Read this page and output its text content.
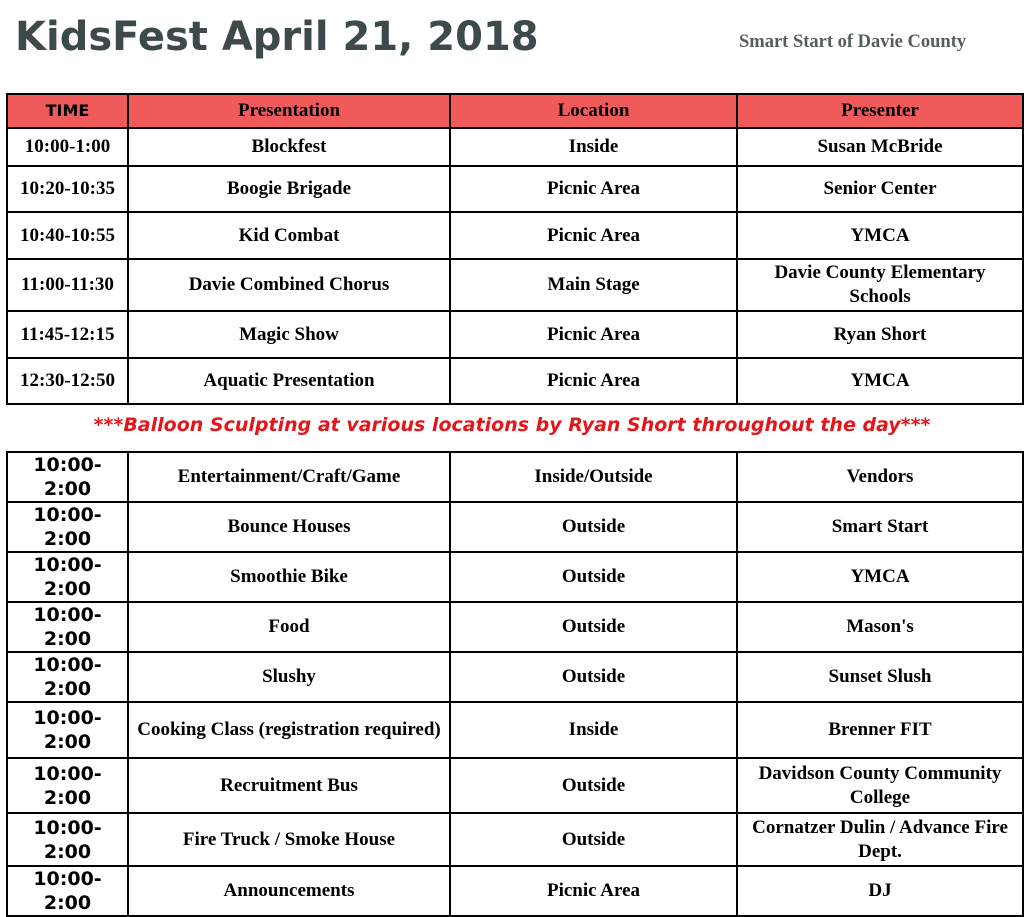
KidsFest April 21, 2018	Smart Start of Davie County
TIME	Presentation	Location	Presenter
10:00-1:00	Blockfest	Inside	Susan McBride
10:20-10:35	Boogie Brigade	Picnic Area	Senior Center
10:40-10:55	Kid Combat	Picnic Area	YMCA
11:00-11:30	Davie Combined Chorus	Main Stage	Davie County Elementary Schools
11:45-12:15	Magic Show	Picnic Area	Ryan Short
12:30-12:50	Aquatic Presentation	Picnic Area	YMCA
***Balloon Sculpting at various locations by Ryan Short throughout the day***
10:00-2:00	Entertainment/Craft/Game	Inside/Outside	Vendors
10:00-2:00	Bounce Houses	Outside	Smart Start
10:00-2:00	Smoothie Bike	Outside	YMCA
10:00-2:00	Food	Outside	Mason's
10:00-2:00	Slushy	Outside	Sunset Slush
10:00-2:00	Cooking Class (registration required)	Inside	Brenner FIT
10:00-2:00	Recruitment Bus	Outside	Davidson County Community College
10:00-2:00	Fire Truck / Smoke House	Outside	Cornatzer Dulin / Advance Fire Dept.
10:00-2:00	Announcements	Picnic Area	DJ
